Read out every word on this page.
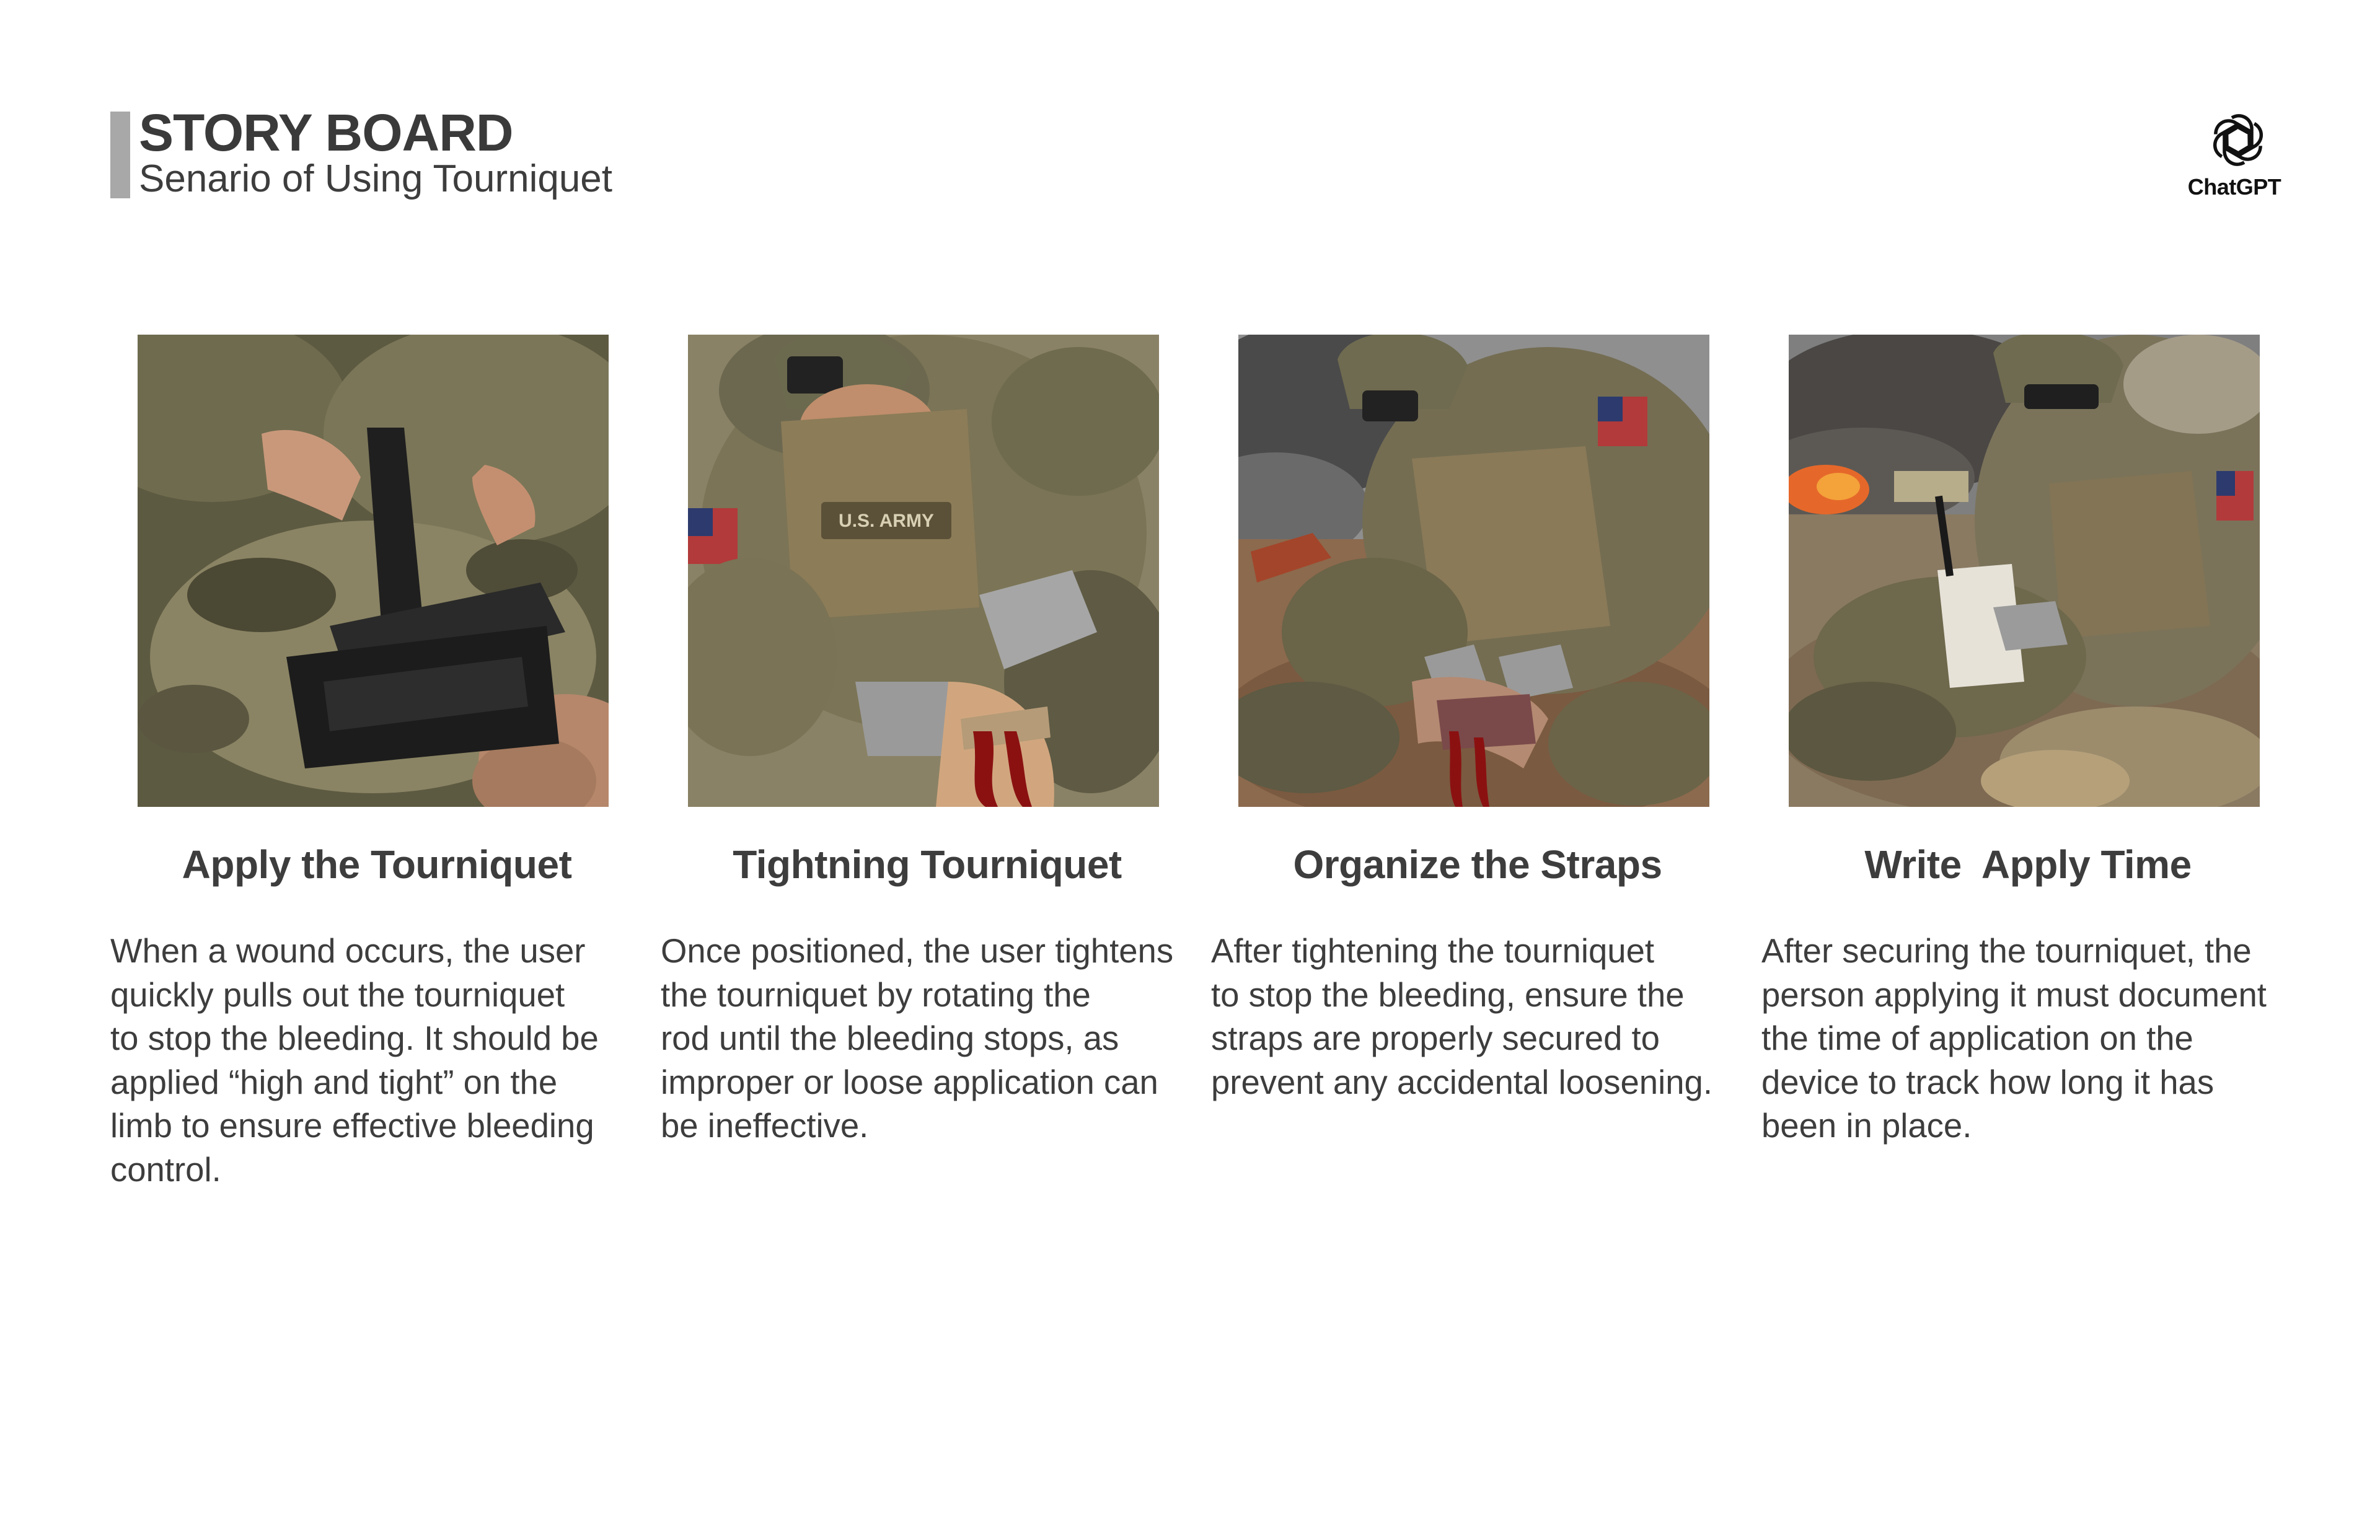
STORY BOARD
Senario of Using Tourniquet	ChatGPT
Apply the Tourniquet
When a wound occurs, the user
quickly pulls out the tourniquet
to stop the bleeding. It should be
applied “high and tight” on the
limb to ensure effective bleeding
control.
U.S. ARMY
Tightning Tourniquet
Once positioned, the user tightens
the tourniquet by rotating the
rod until the bleeding stops, as
improper or loose application can
be ineffective.
Organize the Straps
After tightening the tourniquet
to stop the bleeding, ensure the
straps are properly secured to
prevent any accidental loosening.
Write  Apply Time
After securing the tourniquet, the
person applying it must document
the time of application on the
device to track how long it has
been in place.
